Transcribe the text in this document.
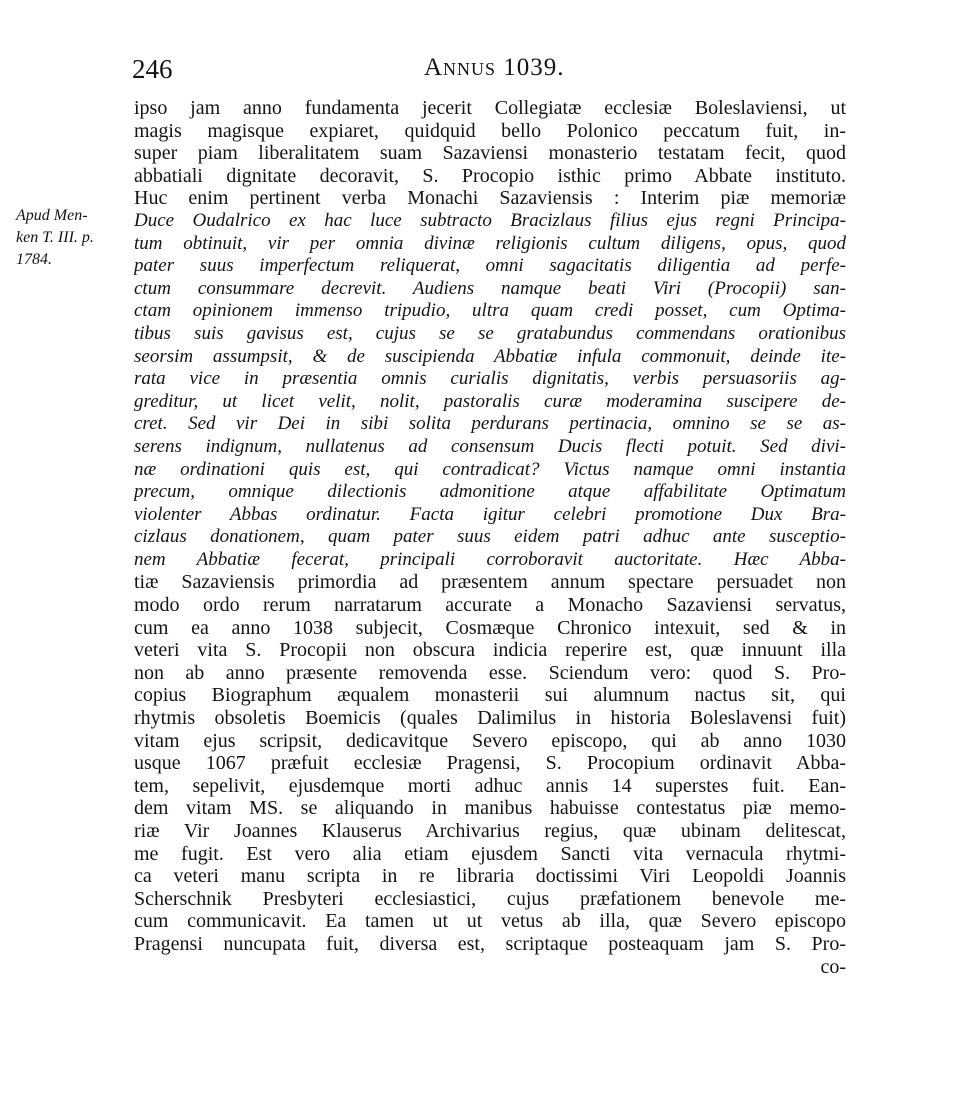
246	Annus 1039.
Apud Men-
ken T. III. p.
1784.
ipso jam anno fundamenta jecerit Collegiatæ ecclesiæ Boleslaviensi, ut
magis magisque expiaret, quidquid bello Polonico peccatum fuit, in-
super piam liberalitatem suam Sazaviensi monasterio testatam fecit, quod
abbatiali dignitate decoravit, S. Procopio isthic primo Abbate instituto.
Huc enim pertinent verba Monachi Sazaviensis : Interim piæ memoriæ
Duce Oudalrico ex hac luce subtracto Bracizlaus filius ejus regni Principa-
tum obtinuit, vir per omnia divinæ religionis cultum diligens, opus, quod
pater suus imperfectum reliquerat, omni sagacitatis diligentia ad perfe-
ctum consummare decrevit. Audiens namque beati Viri (Procopii) san-
ctam opinionem immenso tripudio, ultra quam credi posset, cum Optima-
tibus suis gavisus est, cujus se se gratabundus commendans orationibus
seorsim assumpsit, & de suscipienda Abbatiæ infula commonuit, deinde ite-
rata vice in præsentia omnis curialis dignitatis, verbis persuasoriis ag-
greditur, ut licet velit, nolit, pastoralis curæ moderamina suscipere de-
cret. Sed vir Dei in sibi solita perdurans pertinacia, omnino se se as-
serens indignum, nullatenus ad consensum Ducis flecti potuit. Sed divi-
næ ordinationi quis est, qui contradicat? Victus namque omni instantia
precum, omnique dilectionis admonitione atque affabilitate Optimatum
violenter Abbas ordinatur. Facta igitur celebri promotione Dux Bra-
cizlaus donationem, quam pater suus eidem patri adhuc ante susceptio-
nem Abbatiæ fecerat, principali corroboravit auctoritate. Hæc Abba-
tiæ Sazaviensis primordia ad præsentem annum spectare persuadet non
modo ordo rerum narratarum accurate a Monacho Sazaviensi servatus,
cum ea anno 1038 subjecit, Cosmæque Chronico intexuit, sed & in
veteri vita S. Procopii non obscura indicia reperire est, quæ innuunt illa
non ab anno præsente removenda esse. Sciendum vero: quod S. Pro-
copius Biographum æqualem monasterii sui alumnum nactus sit, qui
rhytmis obsoletis Boemicis (quales Dalimilus in historia Boleslavensi fuit)
vitam ejus scripsit, dedicavitque Severo episcopo, qui ab anno 1030
usque 1067 præfuit ecclesiæ Pragensi, S. Procopium ordinavit Abba-
tem, sepelivit, ejusdemque morti adhuc annis 14 superstes fuit. Ean-
dem vitam MS. se aliquando in manibus habuisse contestatus piæ memo-
riæ Vir Joannes Klauserus Archivarius regius, quæ ubinam delitescat,
me fugit. Est vero alia etiam ejusdem Sancti vita vernacula rhytmi-
ca veteri manu scripta in re libraria doctissimi Viri Leopoldi Joannis
Scherschnik Presbyteri ecclesiastici, cujus præfationem benevole me-
cum communicavit. Ea tamen ut ut vetus ab illa, quæ Severo episcopo
Pragensi nuncupata fuit, diversa est, scriptaque posteaquam jam S. Pro-
co-
